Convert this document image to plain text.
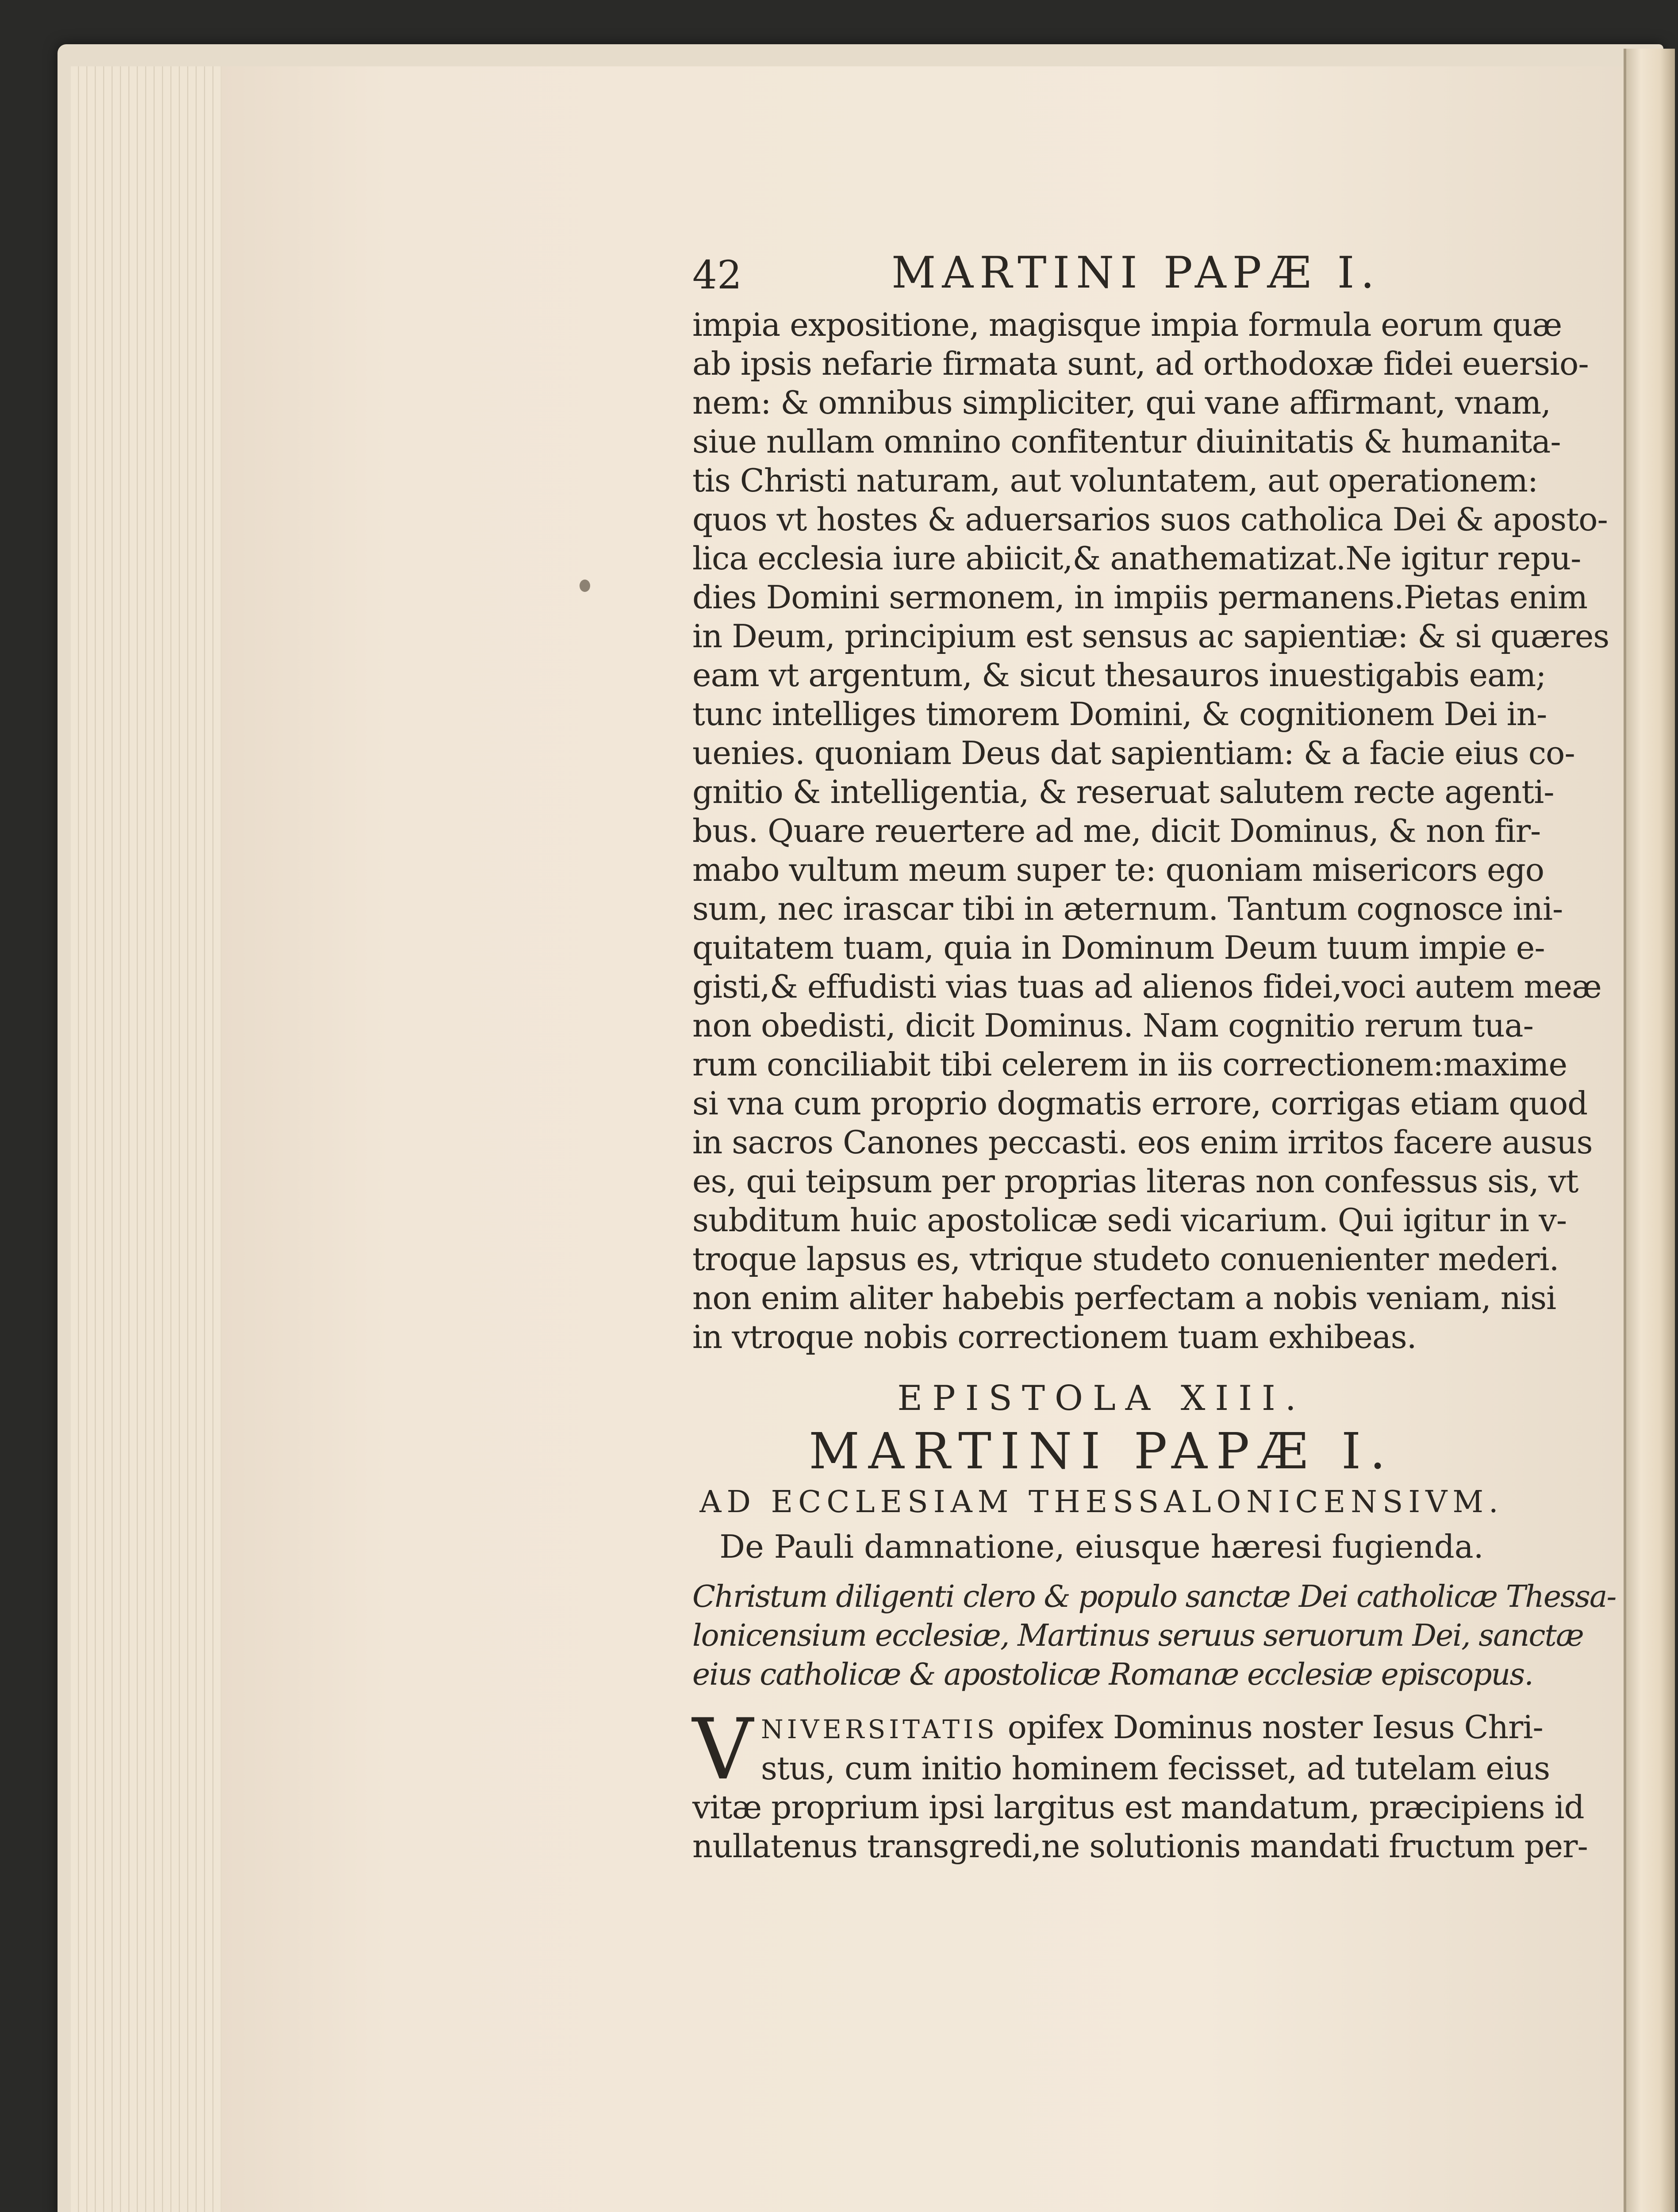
42	MARTINI PAPÆ I.
impia expositione, magisque impia formula eorum quæ
ab ipsis nefarie firmata sunt, ad orthodoxæ fidei euersio-
nem: & omnibus simpliciter, qui vane affirmant, vnam,
siue nullam omnino confitentur diuinitatis & humanita-
tis Christi naturam, aut voluntatem, aut operationem:
quos vt hostes & aduersarios suos catholica Dei & aposto-
lica ecclesia iure abiicit,& anathematizat.Ne igitur repu-
dies Domini sermonem, in impiis permanens.Pietas enim
in Deum, principium est sensus ac sapientiæ: & si quæres
eam vt argentum, & sicut thesauros inuestigabis eam;
tunc intelliges timorem Domini, & cognitionem Dei in-
uenies. quoniam Deus dat sapientiam: & a facie eius co-
gnitio & intelligentia, & reseruat salutem recte agenti-
bus. Quare reuertere ad me, dicit Dominus, & non fir-
mabo vultum meum super te: quoniam misericors ego
sum, nec irascar tibi in æternum. Tantum cognosce ini-
quitatem tuam, quia in Dominum Deum tuum impie e-
gisti,& effudisti vias tuas ad alienos fidei,voci autem meæ
non obedisti, dicit Dominus. Nam cognitio rerum tua-
rum conciliabit tibi celerem in iis correctionem:maxime
si vna cum proprio dogmatis errore, corrigas etiam quod
in sacros Canones peccasti. eos enim irritos facere ausus
es, qui teipsum per proprias literas non confessus sis, vt
subditum huic apostolicæ sedi vicarium. Qui igitur in v-
troque lapsus es, vtrique studeto conuenienter mederi.
non enim aliter habebis perfectam a nobis veniam, nisi
in vtroque nobis correctionem tuam exhibeas.
EPISTOLA XIII.
MARTINI PAPÆ I.
AD ECCLESIAM THESSALONICENSIVM.
De Pauli damnatione, eiusque hæresi fugienda.
Christum diligenti clero & populo sanctæ Dei catholicæ Thessa-
lonicensium ecclesiæ, Martinus seruus seruorum Dei, sanctæ
eius catholicæ & apostolicæ Romanæ ecclesiæ episcopus.
V NIVERSITATIS opifex Dominus noster Iesus Chri-
stus, cum initio hominem fecisset, ad tutelam eius
vitæ proprium ipsi largitus est mandatum, præcipiens id
nullatenus transgredi,ne solutionis mandati fructum per-
